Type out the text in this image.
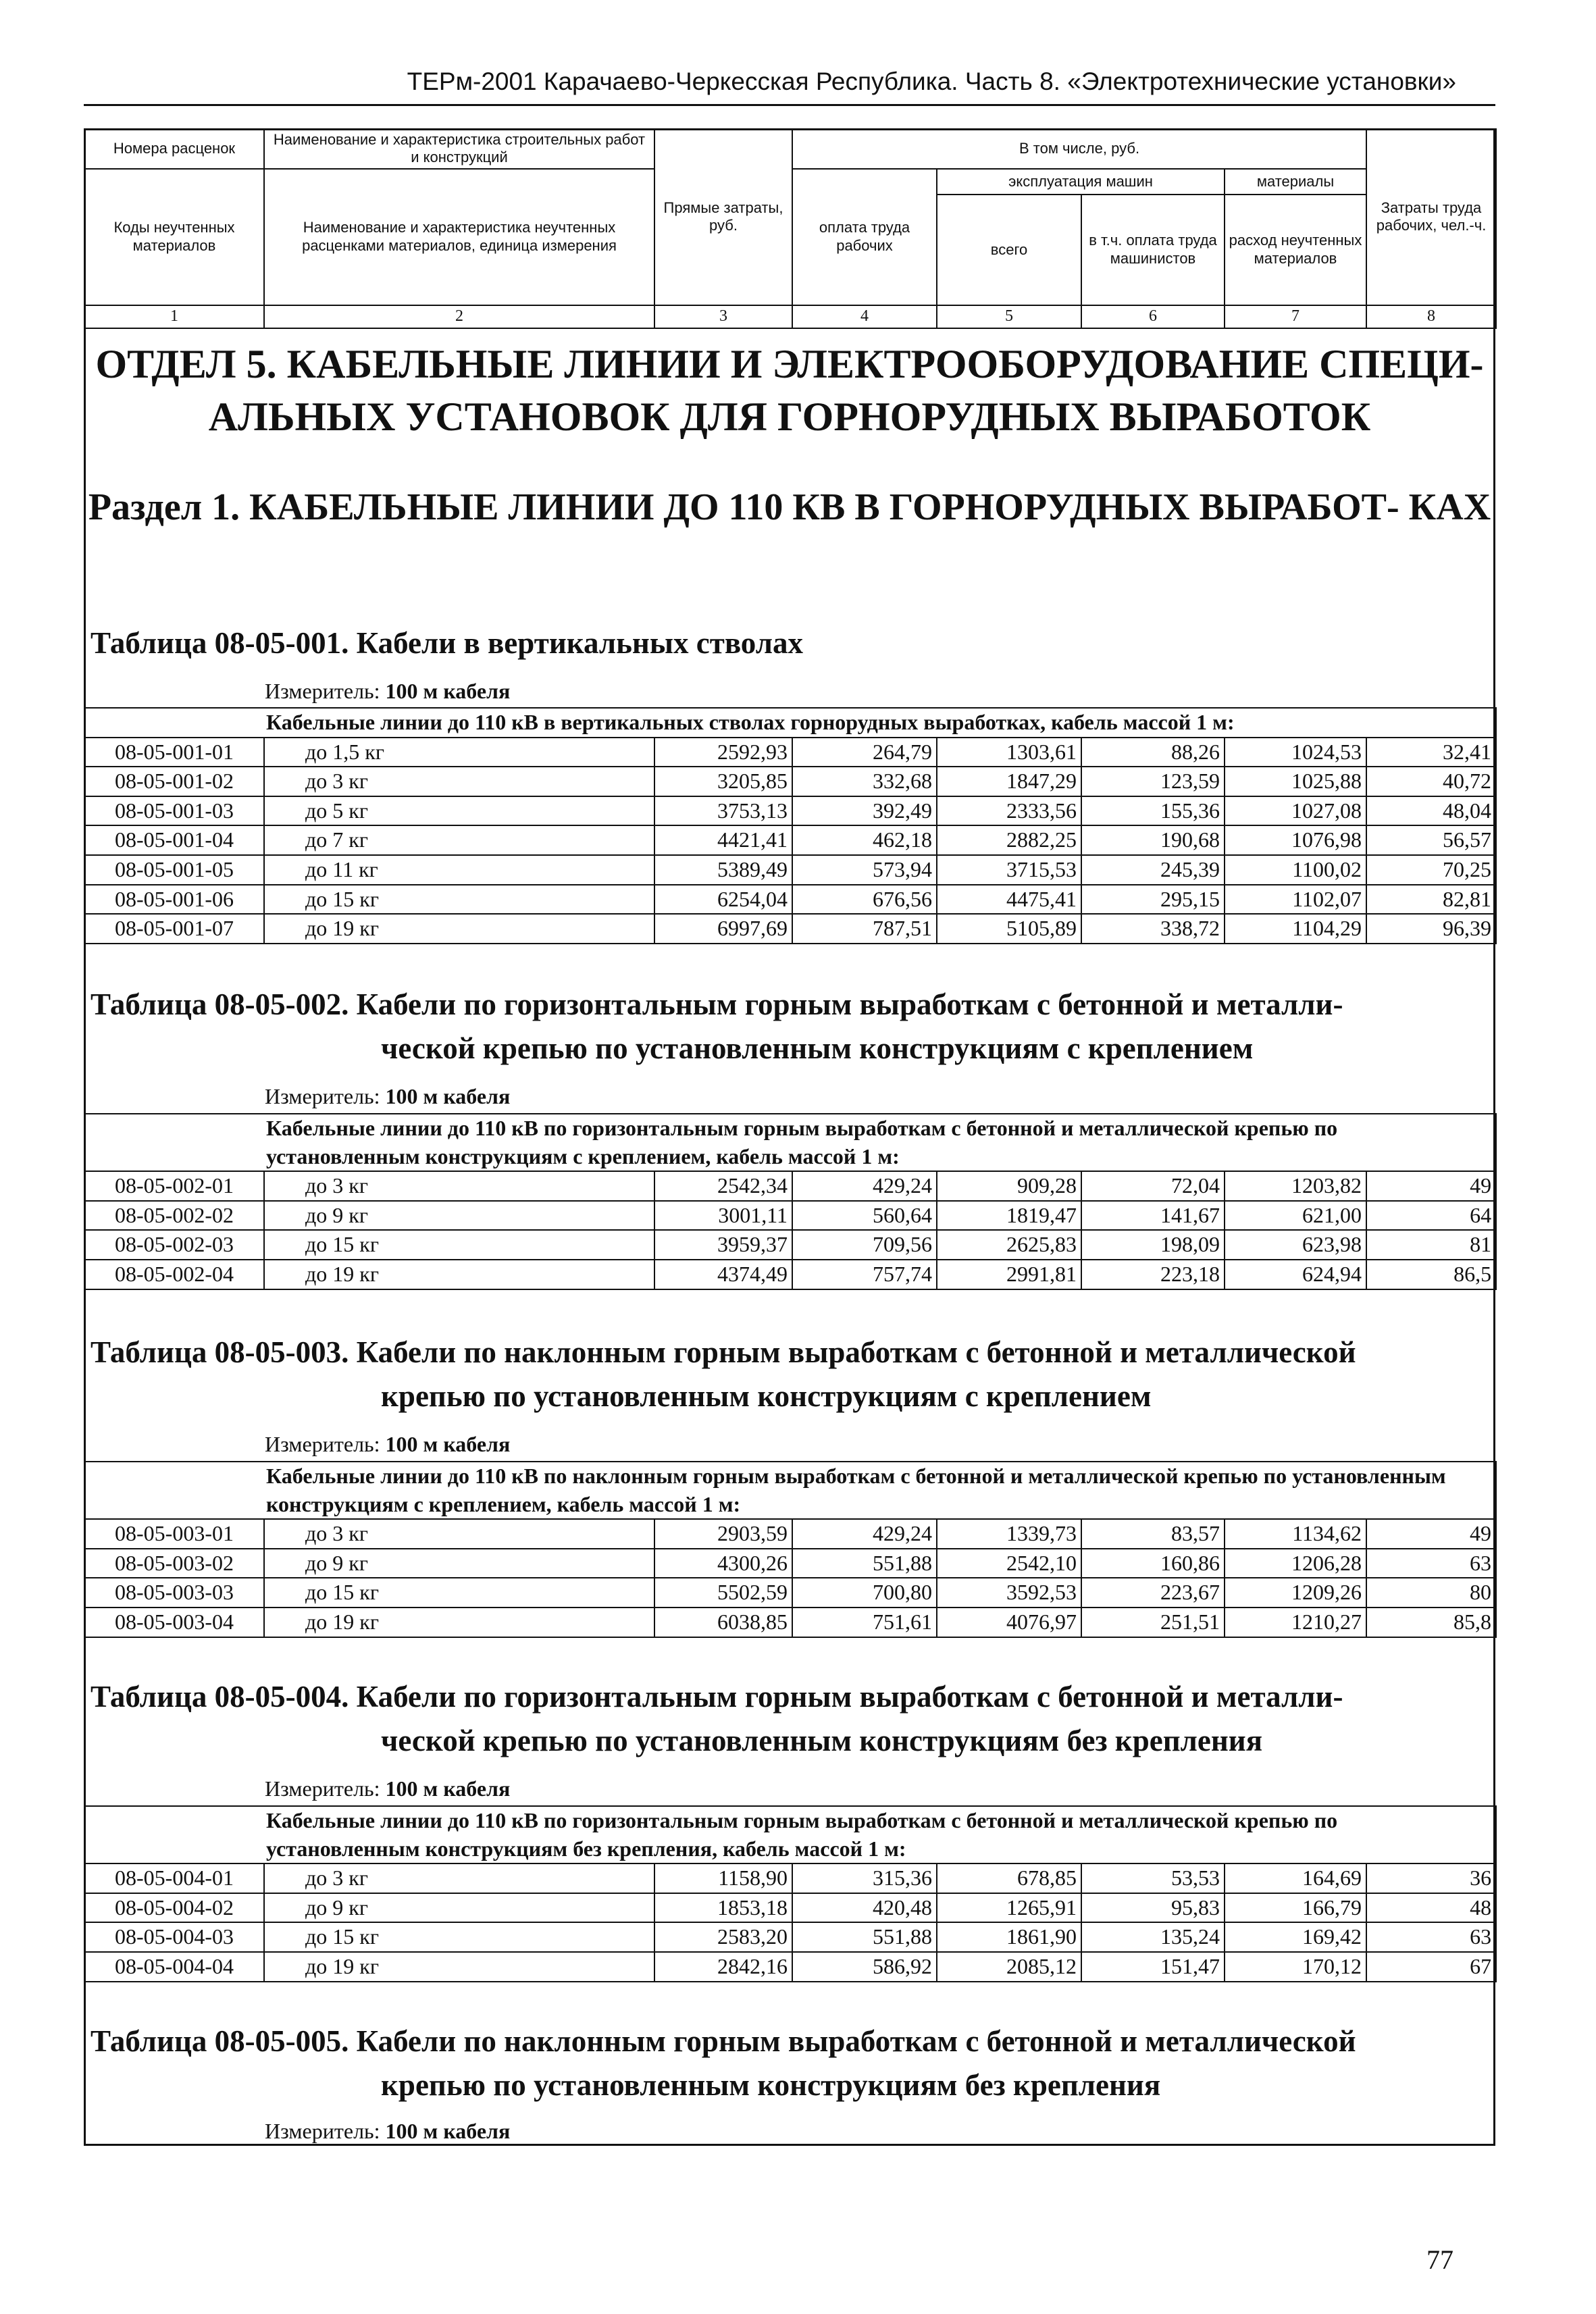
ТЕРм-2001 Карачаево-Черкесская Республика. Часть 8. «Электротехнические установки»
Номера расценок	Наименование и характеристика строительных работ и конструкций	Прямые затраты, руб.	В том числе, руб.				Затраты труда рабочих, чел.-ч.
Коды неучтенных материалов	Наименование и характеристика неучтенных расценками материалов, единица измерения		оплата труда рабочих	эксплуатация машин		материалы	
				всего	в т.ч. оплата труда машинистов	расход неучтенных материалов	
1	2	3	4	5	6	7	8
ОТДЕЛ 5. КАБЕЛЬНЫЕ ЛИНИИ И ЭЛЕКТРООБОРУДОВАНИЕ СПЕЦИ- АЛЬНЫХ УСТАНОВОК ДЛЯ ГОРНОРУДНЫХ ВЫРАБОТОК
Раздел 1. КАБЕЛЬНЫЕ ЛИНИИ ДО 110 КВ В ГОРНОРУДНЫХ ВЫРАБОТ- КАХ
Таблица 08-05-001. Кабели в вертикальных стволах
Измеритель: 100 м кабеля
Кабельные линии до 110 кВ в вертикальных стволах горнорудных выработках, кабель массой 1 м:							
08-05-001-01	до 1,5 кг	2592,93	264,79	1303,61	88,26	1024,53	32,41
08-05-001-02	до 3 кг	3205,85	332,68	1847,29	123,59	1025,88	40,72
08-05-001-03	до 5 кг	3753,13	392,49	2333,56	155,36	1027,08	48,04
08-05-001-04	до 7 кг	4421,41	462,18	2882,25	190,68	1076,98	56,57
08-05-001-05	до 11 кг	5389,49	573,94	3715,53	245,39	1100,02	70,25
08-05-001-06	до 15 кг	6254,04	676,56	4475,41	295,15	1102,07	82,81
08-05-001-07	до 19 кг	6997,69	787,51	5105,89	338,72	1104,29	96,39
Таблица 08-05-002. Кабели по горизонтальным горным выработкам с бетонной и металли-
ческой крепью по установленным конструкциям с креплением
Измеритель: 100 м кабеля
Кабельные линии до 110 кВ по горизонтальным горным выработкам с бетонной и металлической крепью по установленным конструкциям с креплением, кабель массой 1 м:							
08-05-002-01	до 3 кг	2542,34	429,24	909,28	72,04	1203,82	49
08-05-002-02	до 9 кг	3001,11	560,64	1819,47	141,67	621,00	64
08-05-002-03	до 15 кг	3959,37	709,56	2625,83	198,09	623,98	81
08-05-002-04	до 19 кг	4374,49	757,74	2991,81	223,18	624,94	86,5
Таблица 08-05-003. Кабели по наклонным горным выработкам с бетонной и металлической
крепью по установленным конструкциям с креплением
Измеритель: 100 м кабеля
Кабельные линии до 110 кВ по наклонным горным выработкам с бетонной и металлической крепью по установленным конструкциям с креплением, кабель массой 1 м:							
08-05-003-01	до 3 кг	2903,59	429,24	1339,73	83,57	1134,62	49
08-05-003-02	до 9 кг	4300,26	551,88	2542,10	160,86	1206,28	63
08-05-003-03	до 15 кг	5502,59	700,80	3592,53	223,67	1209,26	80
08-05-003-04	до 19 кг	6038,85	751,61	4076,97	251,51	1210,27	85,8
Таблица 08-05-004. Кабели по горизонтальным горным выработкам с бетонной и металли-
ческой крепью по установленным конструкциям без крепления
Измеритель: 100 м кабеля
Кабельные линии до 110 кВ по горизонтальным горным выработкам с бетонной и металлической крепью по установленным конструкциям без крепления, кабель массой 1 м:							
08-05-004-01	до 3 кг	1158,90	315,36	678,85	53,53	164,69	36
08-05-004-02	до 9 кг	1853,18	420,48	1265,91	95,83	166,79	48
08-05-004-03	до 15 кг	2583,20	551,88	1861,90	135,24	169,42	63
08-05-004-04	до 19 кг	2842,16	586,92	2085,12	151,47	170,12	67
Таблица 08-05-005. Кабели по наклонным горным выработкам с бетонной и металлической
крепью по установленным конструкциям без крепления
Измеритель: 100 м кабеля
77
